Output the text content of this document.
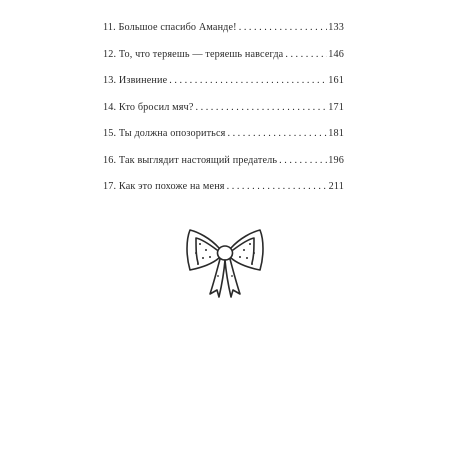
11. Большое спасибо Аманде! . . .	133
12. То, что теряешь — теряешь навсегда . . .	146
13. Извинение . . .	161
14. Кто бросил мяч? . . .	171
15. Ты должна опозориться . . .	181
16. Так выглядит настоящий предатель . . .	196
17. Как это похоже на меня . . .	211
